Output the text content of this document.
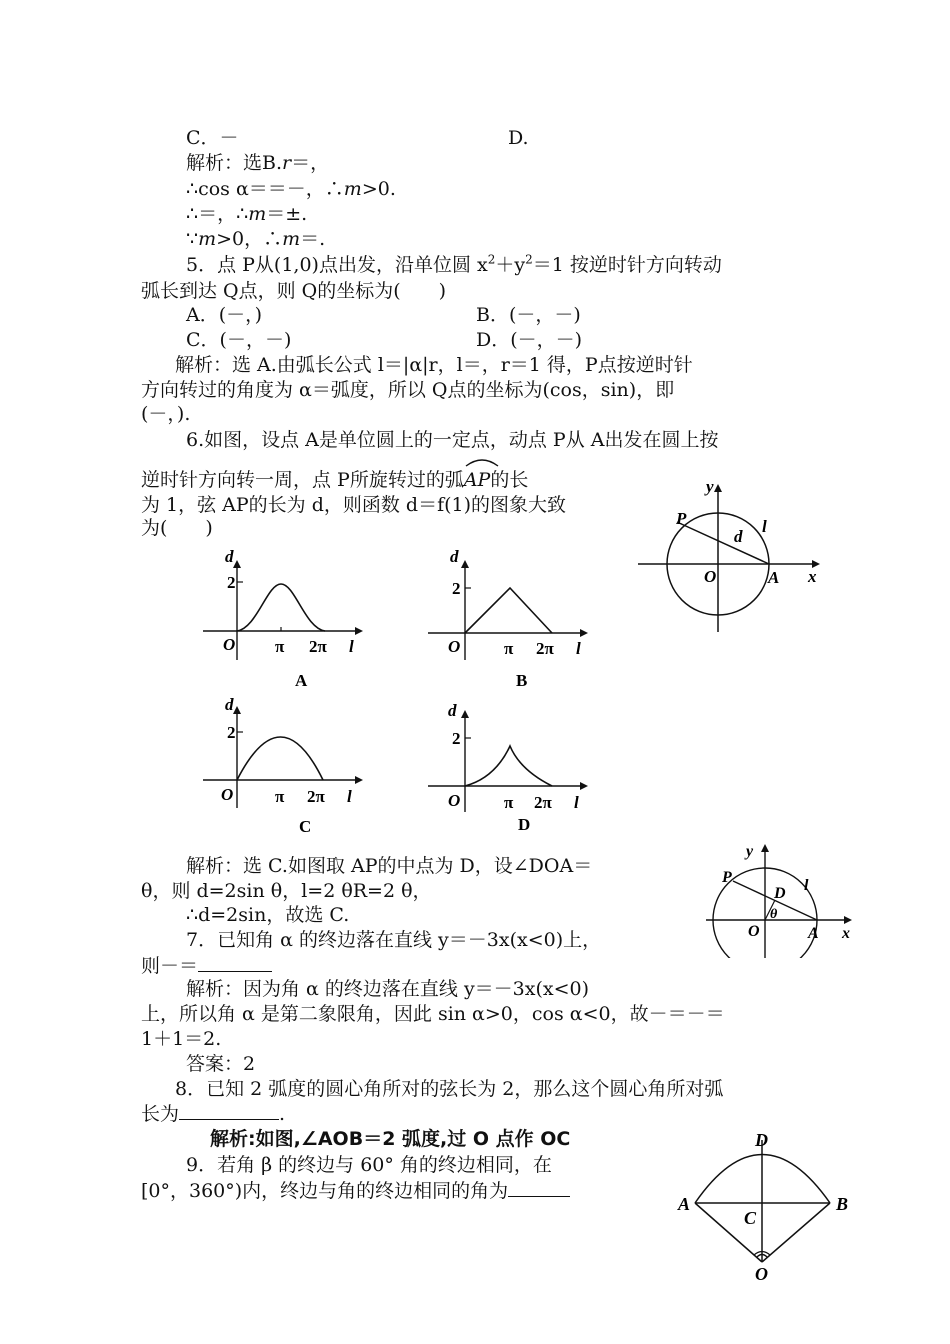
C．－	D.
解析：选B.r＝，
∴cos α＝＝－，∴m>0.
∴＝，∴m＝±.
∵m>0，∴m＝.
5．点 P从(1,0)点出发，沿单位圆 $x^2+y^2=1$ 按逆时针方向转动
弧长到达 Q点，则 Q的坐标为(　　)
A．(－，)	B．(－，－)
C．(－，－)	D．(－，－)
解析：选 A.由弧长公式 l＝|α|r，l＝，r＝1 得，P点按逆时针
方向转过的角度为 α＝弧度，所以 Q点的坐标为(cos，sin)，即
(－，).
6.如图，设点 A是单位圆上的一定点，动点 P从 A出发在圆上按
逆时针方向转一周，点 P所旋转过的弧
AP的长
为 1，弦 AP的长为 d，则函数 d＝f(1)的图象大致
为(　　)
y
x
P
d
l
O	A
d
2
O π 2π l
A
d
2
O	π 2π l
B
d
2
O π 2π l
C
d
2
O	π 2π l
D
解析：选 C.如图取 AP的中点为 D，设∠DOA＝
θ，则 d=2sin θ，l=2 θR=2 θ，
∴d=2sin，故选 C.
y
x
P
D
θ
l
O	A
7．已知角 α 的终边落在直线 y＝－3x(x<0)上，
则－＝
解析：因为角 α 的终边落在直线 y＝－3x(x<0)
上，所以角 α 是第二象限角，因此 sin α>0，cos α<0，故－＝－＝
1＋1＝2.
答案：2
8．已知 2 弧度的圆心角所对的弦长为 2，那么这个圆心角所对弧
长为	.
解析:如图,∠AOB＝2 弧度,过 O 点作 OC
9．若角 β 的终边与 60° 角的终边相同，在
[0°，360°)内，终边与角的终边相同的角为
D
A	B
C
O
